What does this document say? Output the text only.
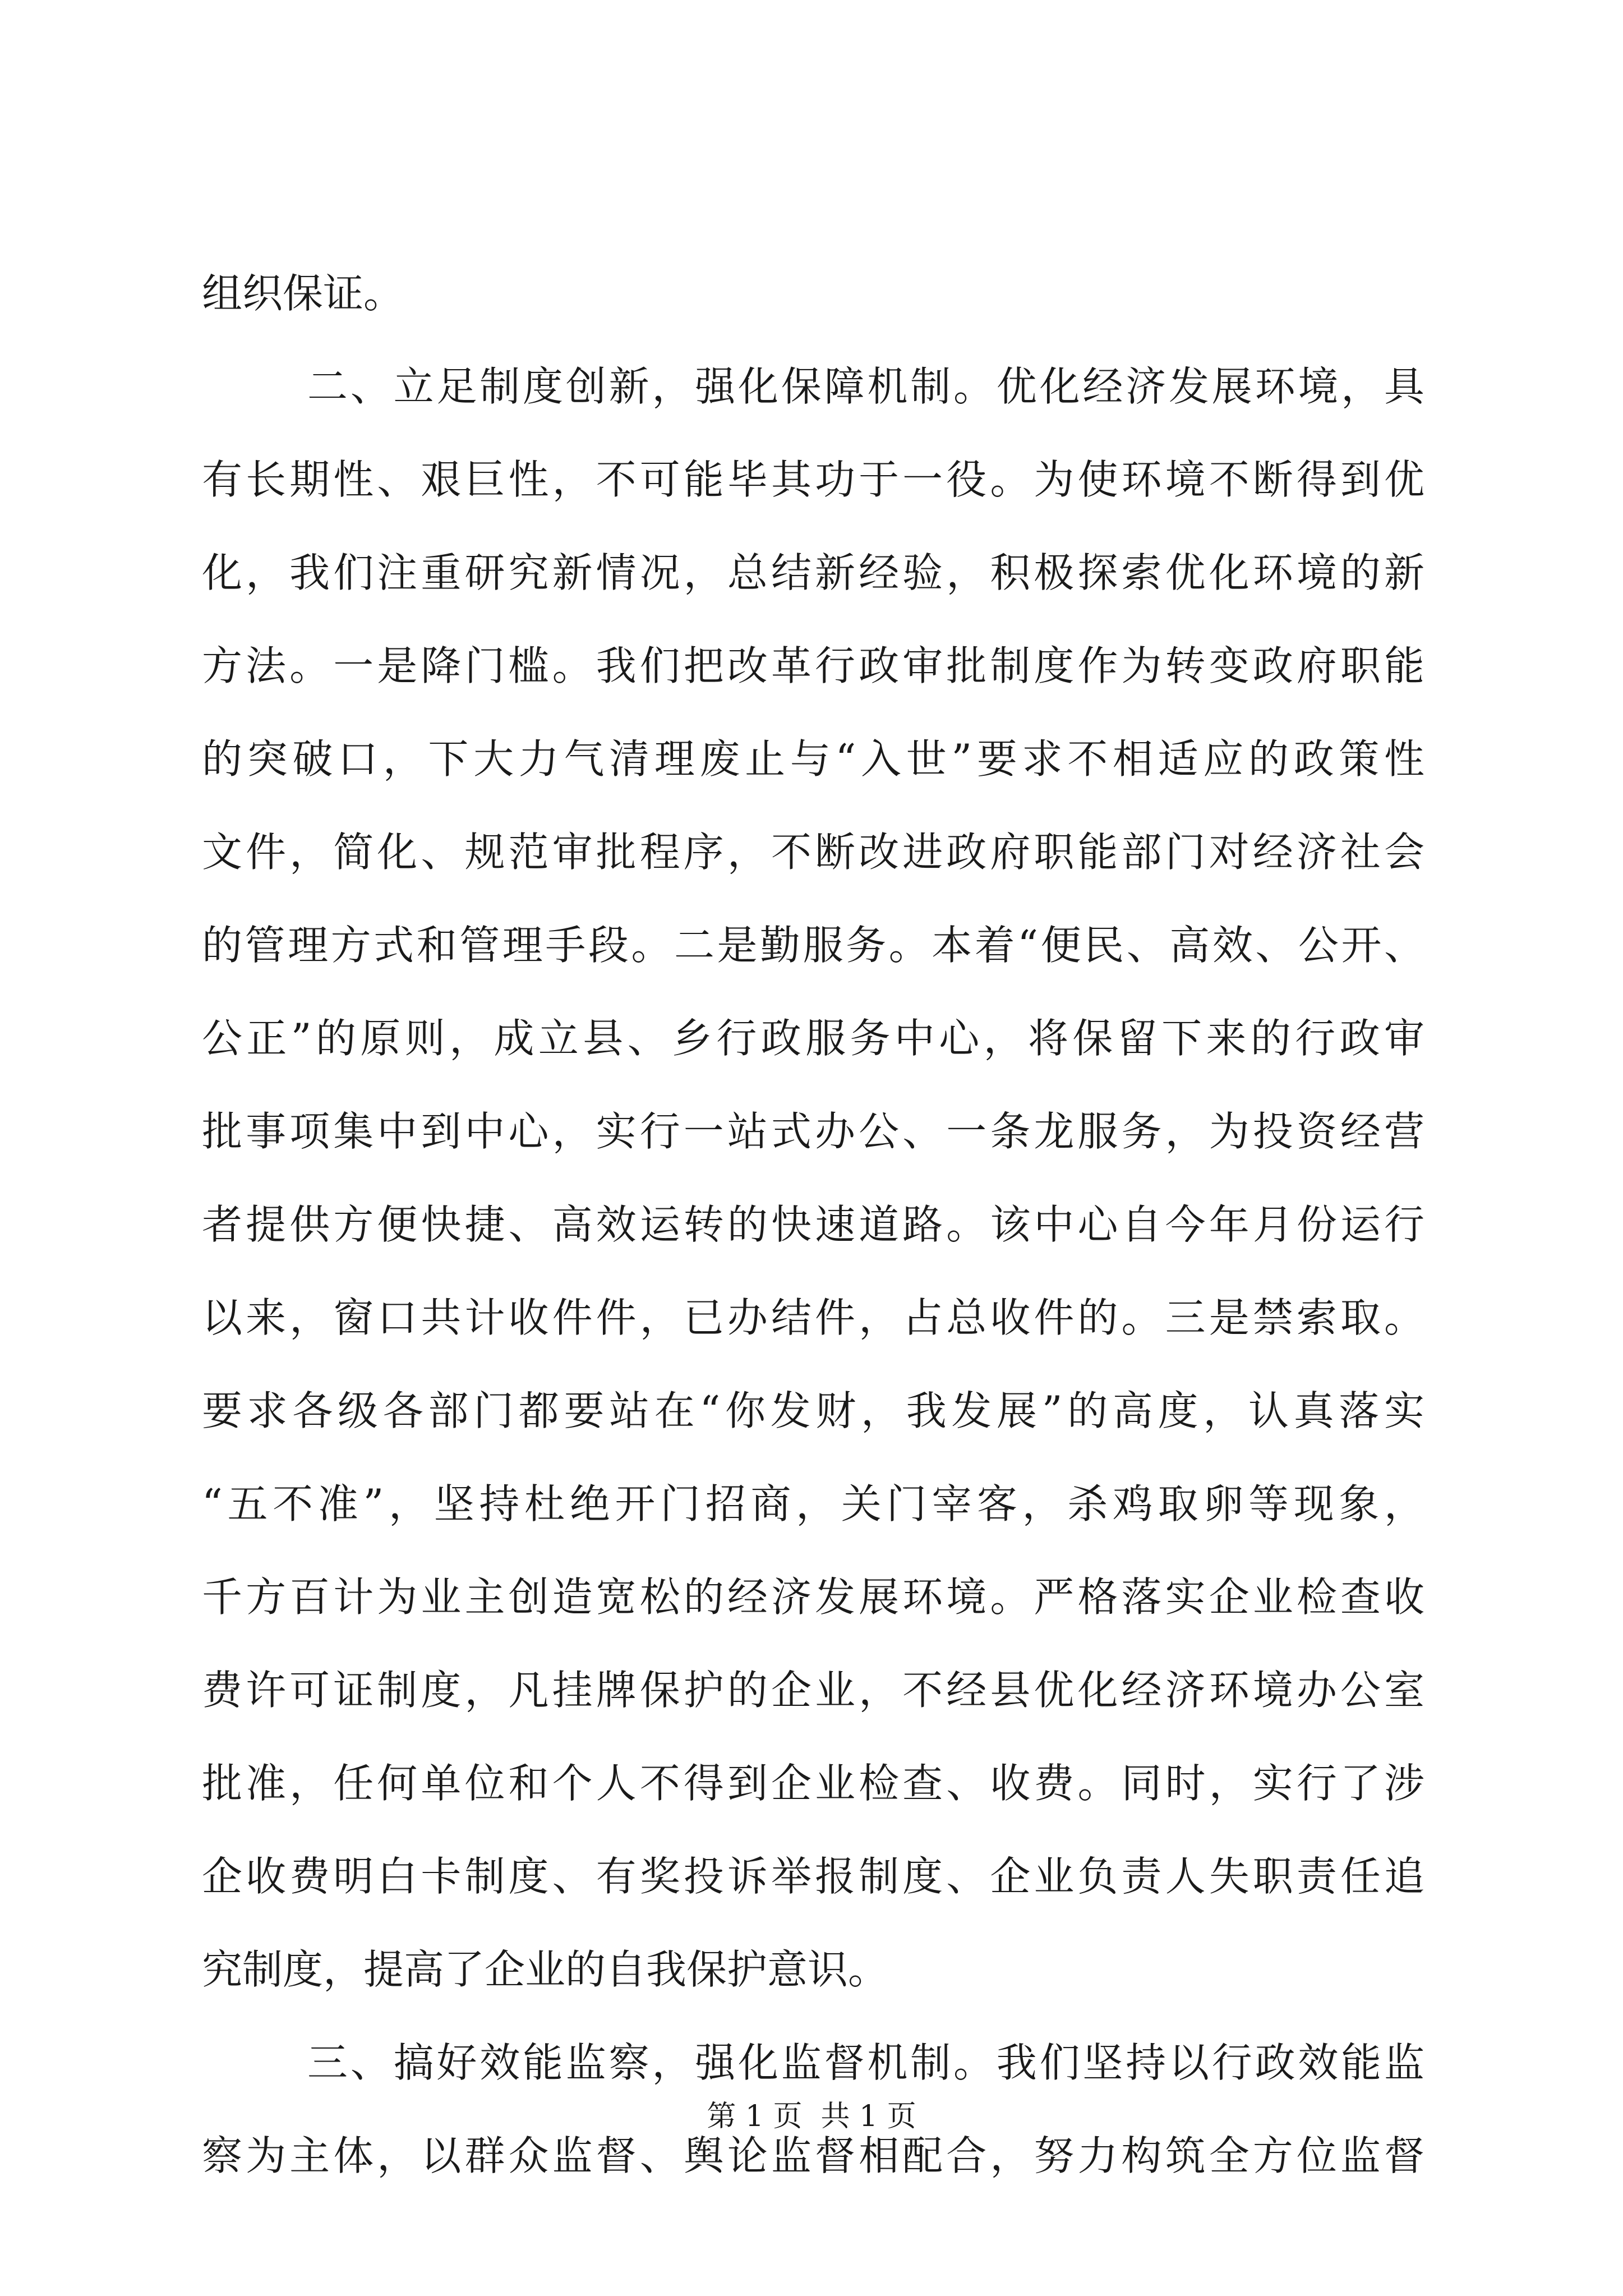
组织保证。
二、立足制度创新，强化保障机制。优化经济发展环境，具
有长期性、艰巨性，不可能毕其功于一役。为使环境不断得到优
化，我们注重研究新情况，总结新经验，积极探索优化环境的新
方法。一是降门槛。我们把改革行政审批制度作为转变政府职能
的突破口，下大力气清理废止与“入世”要求不相适应的政策性
文件，简化、规范审批程序，不断改进政府职能部门对经济社会
的管理方式和管理手段。二是勤服务。本着“便民、高效、公开、
公正”的原则，成立县、乡行政服务中心，将保留下来的行政审
批事项集中到中心，实行一站式办公、一条龙服务，为投资经营
者提供方便快捷、高效运转的快速道路。该中心自今年月份运行
以来，窗口共计收件件，已办结件，占总收件的。三是禁索取。
要求各级各部门都要站在“你发财，我发展”的高度，认真落实
“五不准”，坚持杜绝开门招商，关门宰客，杀鸡取卵等现象，
千方百计为业主创造宽松的经济发展环境。严格落实企业检查收
费许可证制度，凡挂牌保护的企业，不经县优化经济环境办公室
批准，任何单位和个人不得到企业检查、收费。同时，实行了涉
企收费明白卡制度、有奖投诉举报制度、企业负责人失职责任追
究制度，提高了企业的自我保护意识。
三、搞好效能监察，强化监督机制。我们坚持以行政效能监
察为主体，以群众监督、舆论监督相配合，努力构筑全方位监督
第 1 页  共 1 页
